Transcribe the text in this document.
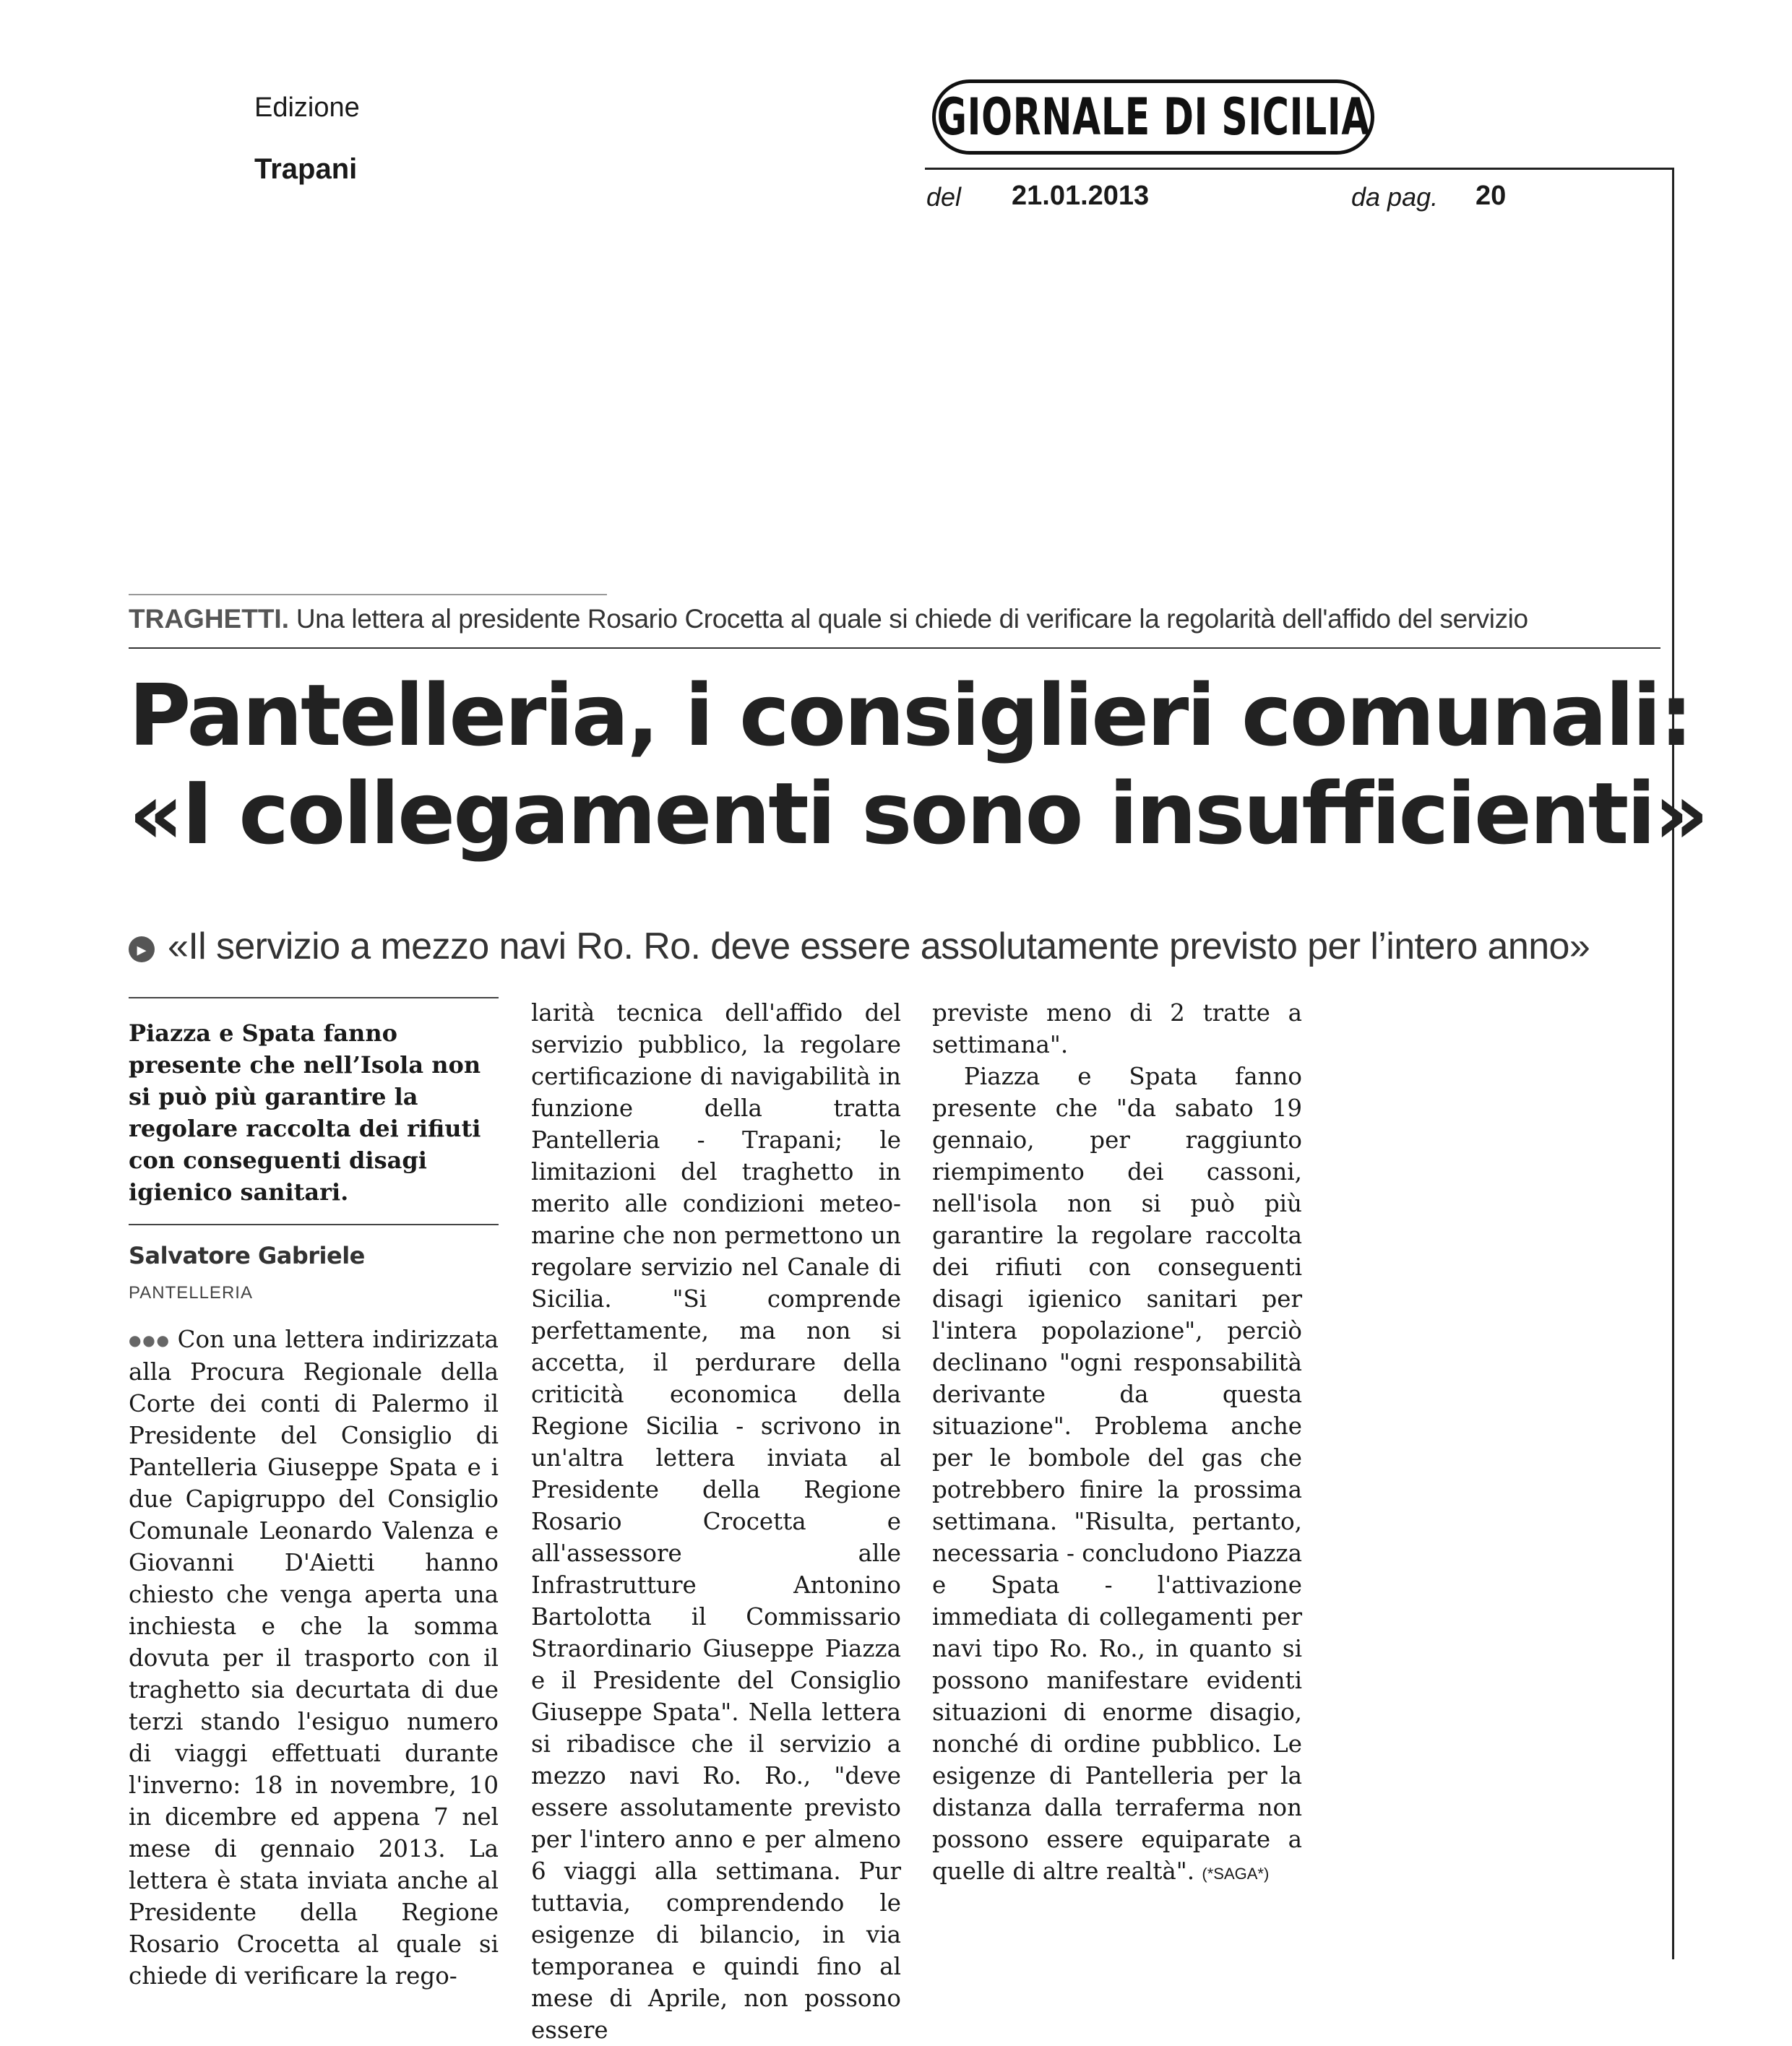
Edizione
Trapani
GIORNALE DI SICILIA
del 21.01.2013	da pag. 20
TRAGHETTI. Una lettera al presidente Rosario Crocetta al quale si chiede di verificare la regolarità dell'affido del servizio
Pantelleria, i consiglieri comunali:
«I collegamenti sono insufficienti»
▸ «Il servizio a mezzo navi Ro. Ro. deve essere assolutamente previsto per l’intero anno»

Piazza e Spata fanno presente che nell’Isola non si può più garantire la regolare raccolta dei rifiuti con conseguenti disagi igienico sanitari.

Salvatore Gabriele
PANTELLERIA

●●● Con una lettera indirizzata alla Procura Regionale della Corte dei conti di Palermo il Presidente del Consiglio di Pantelleria Giuseppe Spata e i due Capigruppo del Consiglio Comunale Leonardo Valenza e Giovanni D'Aietti hanno chiesto che venga aperta una inchiesta e che la somma dovuta per il trasporto con il traghetto sia decurtata di due terzi stando l'esiguo numero di viaggi effettuati durante l'inverno: 18 in novembre, 10 in dicembre ed appena 7 nel mese di gennaio 2013. La lettera è stata inviata anche al Presidente della Regione Rosario Crocetta al quale si chiede di verificare la rego-

larità tecnica dell'affido del servizio pubblico, la regolare certificazione di navigabilità in funzione della tratta Pantelleria - Trapani; le limitazioni del traghetto in merito alle condizioni meteo-marine che non permettono un regolare servizio nel Canale di Sicilia. "Si comprende perfettamente, ma non si accetta, il perdurare della criticità economica della Regione Sicilia - scrivono in un'altra lettera inviata al Presidente della Regione Rosario Crocetta e all'assessore alle Infrastrutture Antonino Bartolotta il Commissario Straordinario Giuseppe Piazza e il Presidente del Consiglio Giuseppe Spata". Nella lettera si ribadisce che il servizio a mezzo navi Ro. Ro., "deve essere assolutamente previsto per l'intero anno e per almeno 6 viaggi alla settimana. Pur tuttavia, comprendendo le esigenze di bilancio, in via temporanea e quindi fino al mese di Aprile, non possono essere

previste meno di 2 tratte a settimana".

Piazza e Spata fanno presente che "da sabato 19 gennaio, per raggiunto riempimento dei cassoni, nell'isola non si può più garantire la regolare raccolta dei rifiuti con conseguenti disagi igienico sanitari per l'intera popolazione", perciò declinano "ogni responsabilità derivante da questa situazione". Problema anche per le bombole del gas che potrebbero finire la prossima settimana. "Risulta, pertanto, necessaria - concludono Piazza e Spata - l'attivazione immediata di collegamenti per navi tipo Ro. Ro., in quanto si possono manifestare evidenti situazioni di enorme disagio, nonché di ordine pubblico. Le esigenze di Pantelleria per la distanza dalla terraferma non possono essere equiparate a quelle di altre realtà". (*SAGA*)
